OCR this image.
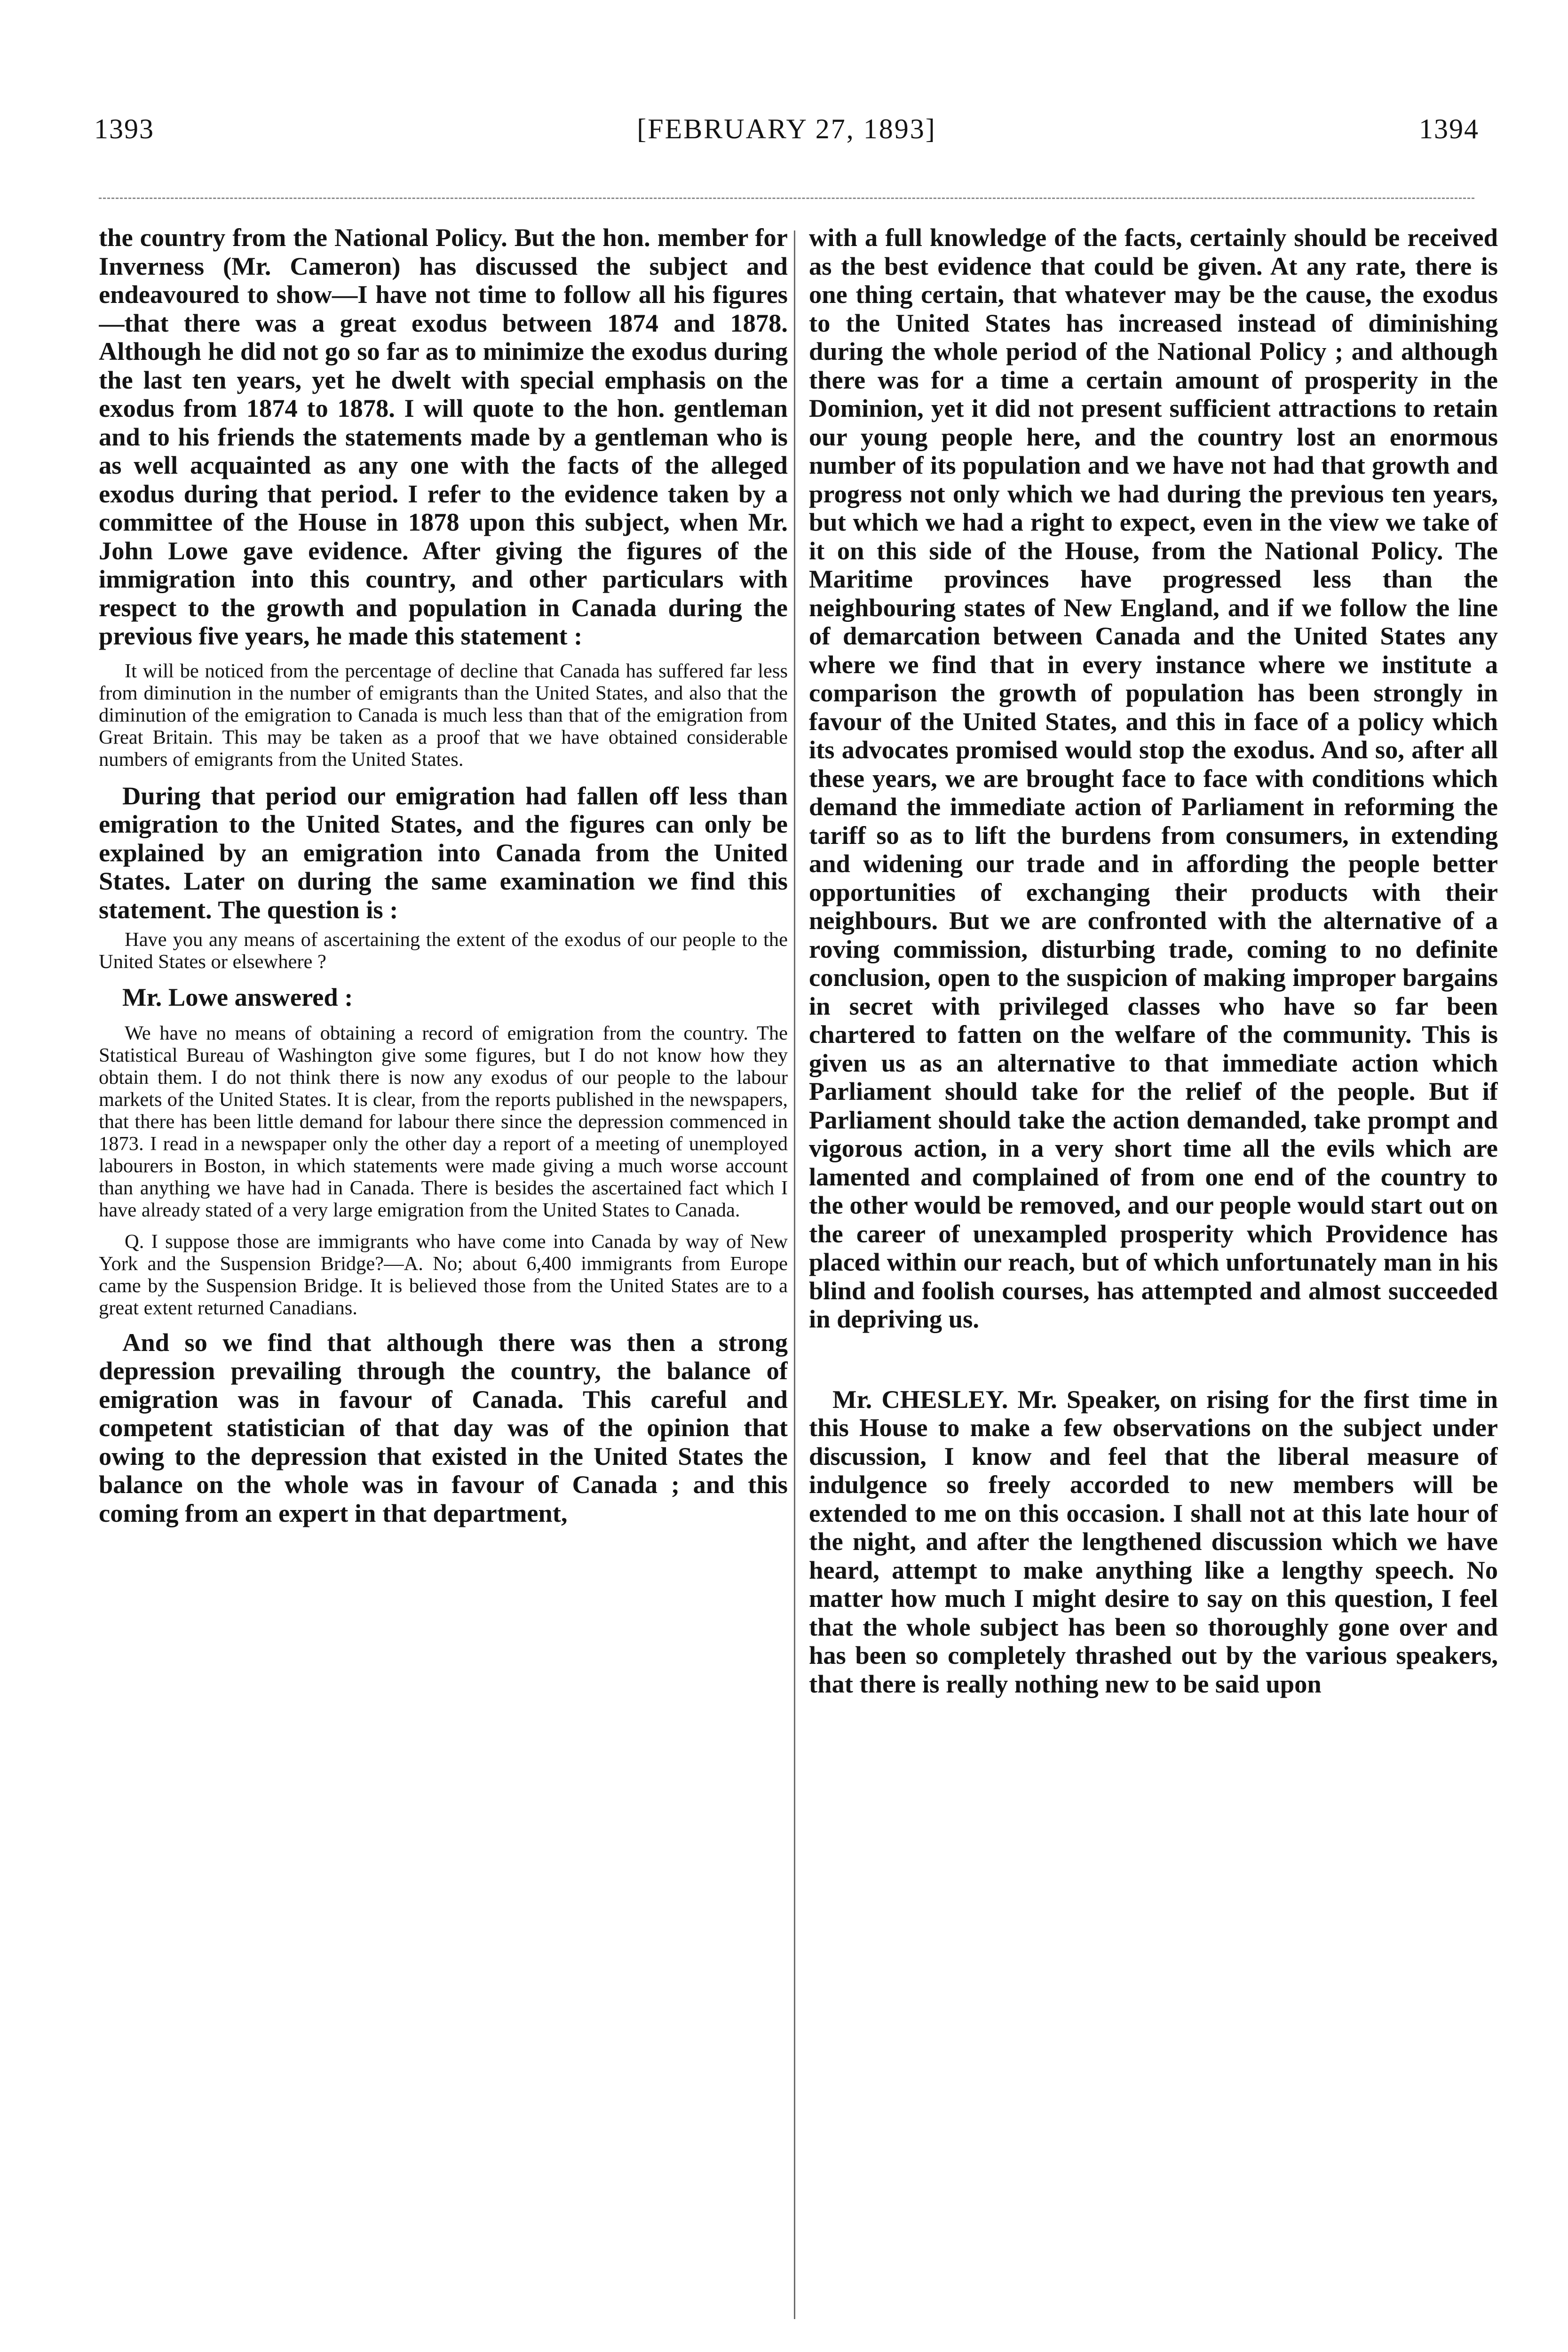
1393	[FEBRUARY 27, 1893]	1394

the country from the National Policy. But the hon. member for Inverness (Mr. Cameron) has discussed the subject and endeavoured to show—I have not time to follow all his figures—that there was a great exodus between 1874 and 1878. Although he did not go so far as to minimize the exodus during the last ten years, yet he dwelt with special emphasis on the exodus from 1874 to 1878. I will quote to the hon. gentleman and to his friends the statements made by a gentleman who is as well acquainted as any one with the facts of the alleged exodus during that period. I refer to the evidence taken by a committee of the House in 1878 upon this subject, when Mr. John Lowe gave evidence. After giving the figures of the immigration into this country, and other particulars with respect to the growth and population in Canada during the previous five years, he made this statement :

It will be noticed from the percentage of decline that Canada has suffered far less from diminution in the number of emigrants than the United States, and also that the diminution of the emigration to Canada is much less than that of the emigration from Great Britain. This may be taken as a proof that we have obtained considerable numbers of emigrants from the United States.

During that period our emigration had fallen off less than emigration to the United States, and the figures can only be explained by an emigration into Canada from the United States. Later on during the same examination we find this statement. The question is :

Have you any means of ascertaining the extent of the exodus of our people to the United States or elsewhere ?

Mr. Lowe answered :

We have no means of obtaining a record of emigration from the country. The Statistical Bureau of Washington give some figures, but I do not know how they obtain them. I do not think there is now any exodus of our people to the labour markets of the United States. It is clear, from the reports published in the newspapers, that there has been little demand for labour there since the depression commenced in 1873. I read in a newspaper only the other day a report of a meeting of unemployed labourers in Boston, in which statements were made giving a much worse account than anything we have had in Canada. There is besides the ascertained fact which I have already stated of a very large emigration from the United States to Canada.

Q. I suppose those are immigrants who have come into Canada by way of New York and the Suspension Bridge?—A. No; about 6,400 immigrants from Europe came by the Suspension Bridge. It is believed those from the United States are to a great extent returned Canadians.

And so we find that although there was then a strong depression prevailing through the country, the balance of emigration was in favour of Canada. This careful and competent statistician of that day was of the opinion that owing to the depression that existed in the United States the balance on the whole was in favour of Canada ; and this coming from an expert in that department,

with a full knowledge of the facts, certainly should be received as the best evidence that could be given. At any rate, there is one thing certain, that whatever may be the cause, the exodus to the United States has increased instead of diminishing during the whole period of the National Policy ; and although there was for a time a certain amount of prosperity in the Dominion, yet it did not present sufficient attractions to retain our young people here, and the country lost an enormous number of its population and we have not had that growth and progress not only which we had during the previous ten years, but which we had a right to expect, even in the view we take of it on this side of the House, from the National Policy. The Maritime provinces have progressed less than the neighbouring states of New England, and if we follow the line of demarcation between Canada and the United States any where we find that in every instance where we institute a comparison the growth of population has been strongly in favour of the United States, and this in face of a policy which its advocates promised would stop the exodus. And so, after all these years, we are brought face to face with conditions which demand the immediate action of Parliament in reforming the tariff so as to lift the burdens from consumers, in extending and widening our trade and in affording the people better opportunities of exchanging their products with their neighbours. But we are confronted with the alternative of a roving commission, disturbing trade, coming to no definite conclusion, open to the suspicion of making improper bargains in secret with privileged classes who have so far been chartered to fatten on the welfare of the community. This is given us as an alternative to that immediate action which Parliament should take for the relief of the people. But if Parliament should take the action demanded, take prompt and vigorous action, in a very short time all the evils which are lamented and complained of from one end of the country to the other would be removed, and our people would start out on the career of unexampled prosperity which Providence has placed within our reach, but of which unfortunately man in his blind and foolish courses, has attempted and almost succeeded in depriving us.

Mr. CHESLEY. Mr. Speaker, on rising for the first time in this House to make a few observations on the subject under discussion, I know and feel that the liberal measure of indulgence so freely accorded to new members will be extended to me on this occasion. I shall not at this late hour of the night, and after the lengthened discussion which we have heard, attempt to make anything like a lengthy speech. No matter how much I might desire to say on this question, I feel that the whole subject has been so thoroughly gone over and has been so completely thrashed out by the various speakers, that there is really nothing new to be said upon
